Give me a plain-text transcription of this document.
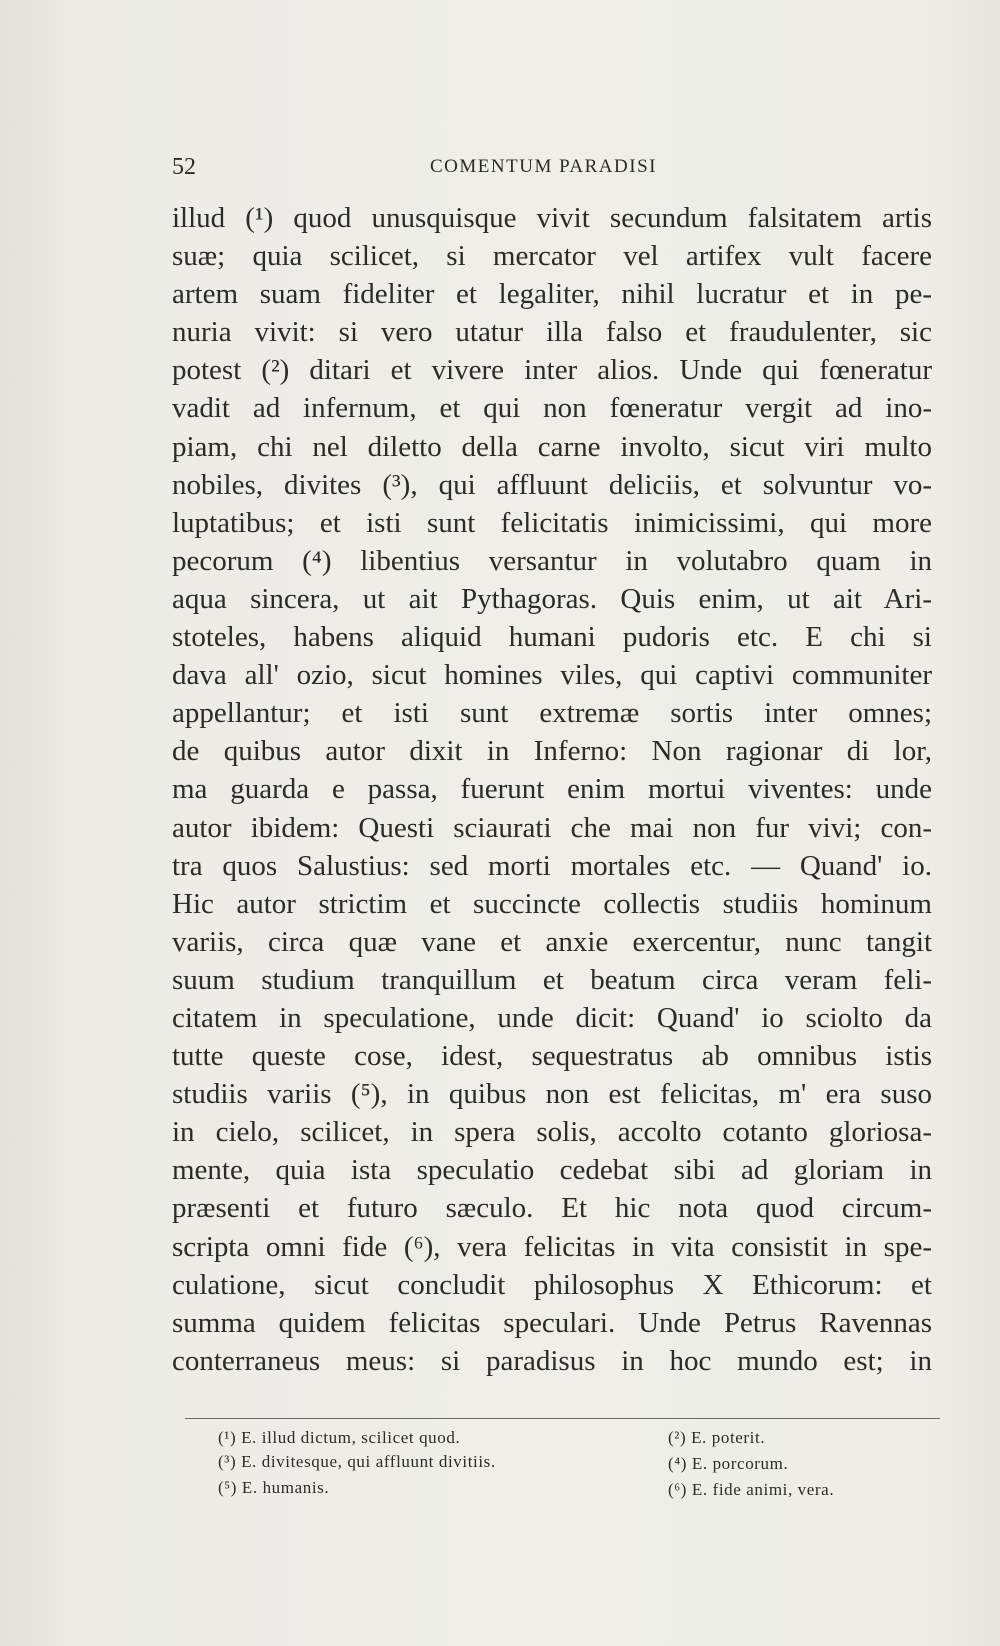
52	COMENTUM PARADISI
illud (¹) quod unusquisque vivit secundum falsitatem artis
suæ; quia scilicet, si mercator vel artifex vult facere
artem suam fideliter et legaliter, nihil lucratur et in pe-
nuria vivit: si vero utatur illa falso et fraudulenter, sic
potest (²) ditari et vivere inter alios. Unde qui fœneratur
vadit ad infernum, et qui non fœneratur vergit ad ino-
piam, chi nel diletto della carne involto, sicut viri multo
nobiles, divites (³), qui affluunt deliciis, et solvuntur vo-
luptatibus; et isti sunt felicitatis inimicissimi, qui more
pecorum (⁴) libentius versantur in volutabro quam in
aqua sincera, ut ait Pythagoras. Quis enim, ut ait Ari-
stoteles, habens aliquid humani pudoris etc. E chi si
dava all' ozio, sicut homines viles, qui captivi communiter
appellantur; et isti sunt extremæ sortis inter omnes;
de quibus autor dixit in Inferno: Non ragionar di lor,
ma guarda e passa, fuerunt enim mortui viventes: unde
autor ibidem: Questi sciaurati che mai non fur vivi; con-
tra quos Salustius: sed morti mortales etc. — Quand' io.
Hic autor strictim et succincte collectis studiis hominum
variis, circa quæ vane et anxie exercentur, nunc tangit
suum studium tranquillum et beatum circa veram feli-
citatem in speculatione, unde dicit: Quand' io sciolto da
tutte queste cose, idest, sequestratus ab omnibus istis
studiis variis (⁵), in quibus non est felicitas, m' era suso
in cielo, scilicet, in spera solis, accolto cotanto gloriosa-
mente, quia ista speculatio cedebat sibi ad gloriam in
præsenti et futuro sæculo. Et hic nota quod circum-
scripta omni fide (⁶), vera felicitas in vita consistit in spe-
culatione, sicut concludit philosophus X Ethicorum: et
summa quidem felicitas speculari. Unde Petrus Ravennas
conterraneus meus: si paradisus in hoc mundo est; in
(¹) E. illud dictum, scilicet quod.	(²) E. poterit.
(³) E. divitesque, qui affluunt divitiis.	(⁴) E. porcorum.
(⁵) E. humanis.	(⁶) E. fide animi, vera.
